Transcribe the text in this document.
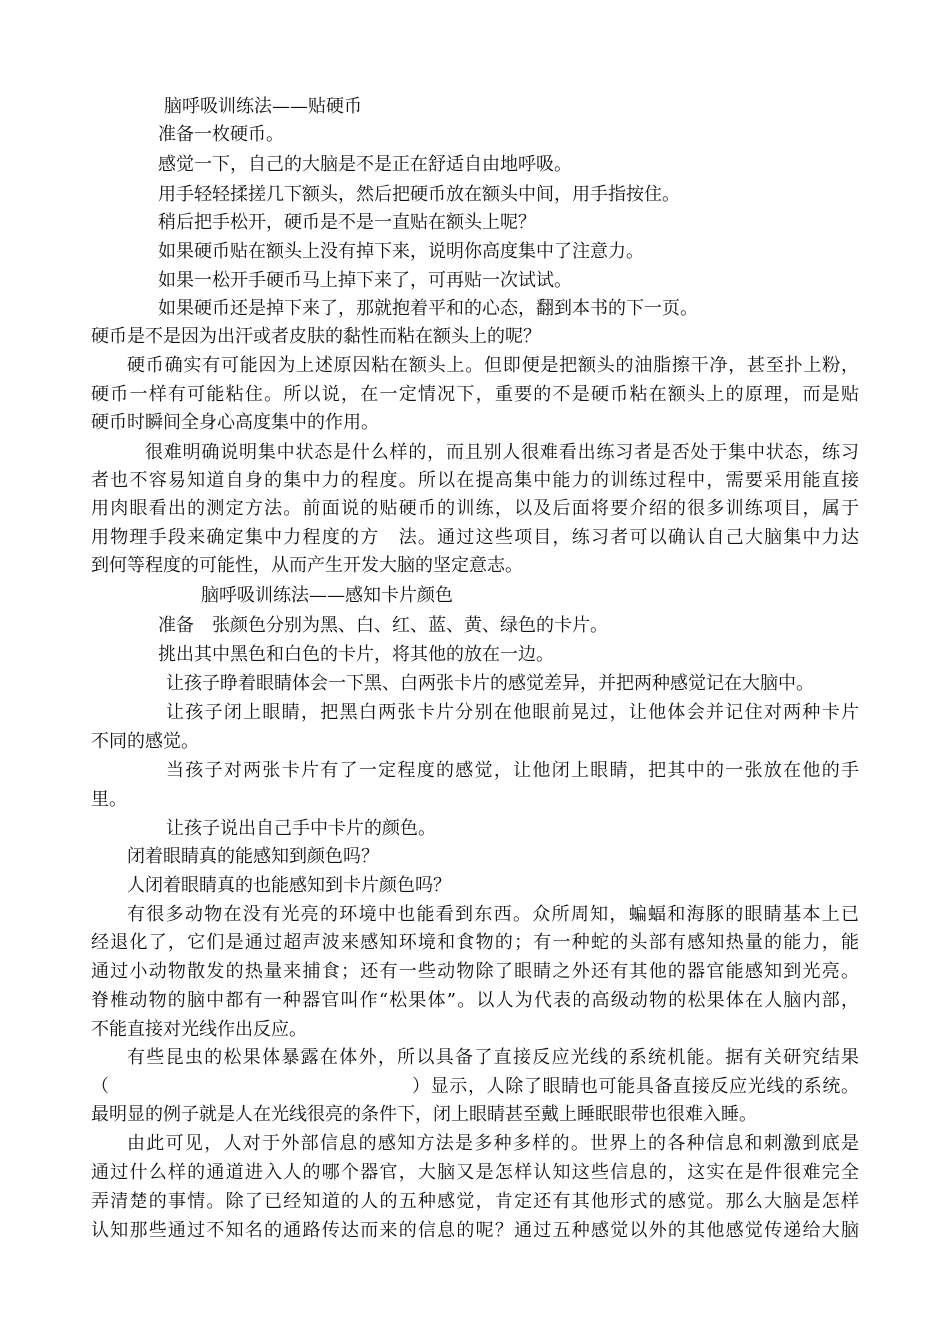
脑呼吸训练法——贴硬币
准备一枚硬币。
感觉一下，自己的大脑是不是正在舒适自由地呼吸。
用手轻轻揉搓几下额头，然后把硬币放在额头中间，用手指按住。
稍后把手松开，硬币是不是一直贴在额头上呢？
如果硬币贴在额头上没有掉下来，说明你高度集中了注意力。
如果一松开手硬币马上掉下来了，可再贴一次试试。
如果硬币还是掉下来了，那就抱着平和的心态，翻到本书的下一页。
硬币是不是因为出汗或者皮肤的黏性而粘在额头上的呢？
硬币确实有可能因为上述原因粘在额头上。但即便是把额头的油脂擦干净，甚至扑上粉，
硬币一样有可能粘住。所以说，在一定情况下，重要的不是硬币粘在额头上的原理，而是贴
硬币时瞬间全身心高度集中的作用。
很难明确说明集中状态是什么样的，而且别人很难看出练习者是否处于集中状态，练习
者也不容易知道自身的集中力的程度。所以在提高集中能力的训练过程中，需要采用能直接
用肉眼看出的测定方法。前面说的贴硬币的训练，以及后面将要介绍的很多训练项目，属于
用物理手段来确定集中力程度的方　法。通过这些项目，练习者可以确认自己大脑集中力达
到何等程度的可能性，从而产生开发大脑的坚定意志。
脑呼吸训练法——感知卡片颜色
准备　张颜色分别为黑、白、红、蓝、黄、绿色的卡片。
挑出其中黑色和白色的卡片，将其他的放在一边。
让孩子睁着眼睛体会一下黑、白两张卡片的感觉差异，并把两种感觉记在大脑中。
让孩子闭上眼睛，把黑白两张卡片分别在他眼前晃过，让他体会并记住对两种卡片
不同的感觉。
当孩子对两张卡片有了一定程度的感觉，让他闭上眼睛，把其中的一张放在他的手
里。
让孩子说出自己手中卡片的颜色。
闭着眼睛真的能感知到颜色吗？
人闭着眼睛真的也能感知到卡片颜色吗？
有很多动物在没有光亮的环境中也能看到东西。众所周知，蝙蝠和海豚的眼睛基本上已
经退化了，它们是通过超声波来感知环境和食物的；有一种蛇的头部有感知热量的能力，能
通过小动物散发的热量来捕食；还有一些动物除了眼睛之外还有其他的器官能感知到光亮。
脊椎动物的脑中都有一种器官叫作“松果体”。以人为代表的高级动物的松果体在人脑内部，
不能直接对光线作出反应。
有些昆虫的松果体暴露在体外，所以具备了直接反应光线的系统机能。据有关研究结果
（	）显示，人除了眼睛也可能具备直接反应光线的系统。
最明显的例子就是人在光线很亮的条件下，闭上眼睛甚至戴上睡眠眼带也很难入睡。
由此可见，人对于外部信息的感知方法是多种多样的。世界上的各种信息和刺激到底是
通过什么样的通道进入人的哪个器官，大脑又是怎样认知这些信息的，这实在是件很难完全
弄清楚的事情。除了已经知道的人的五种感觉，肯定还有其他形式的感觉。那么大脑是怎样
认知那些通过不知名的通路传达而来的信息的呢？通过五种感觉以外的其他感觉传递给大脑
